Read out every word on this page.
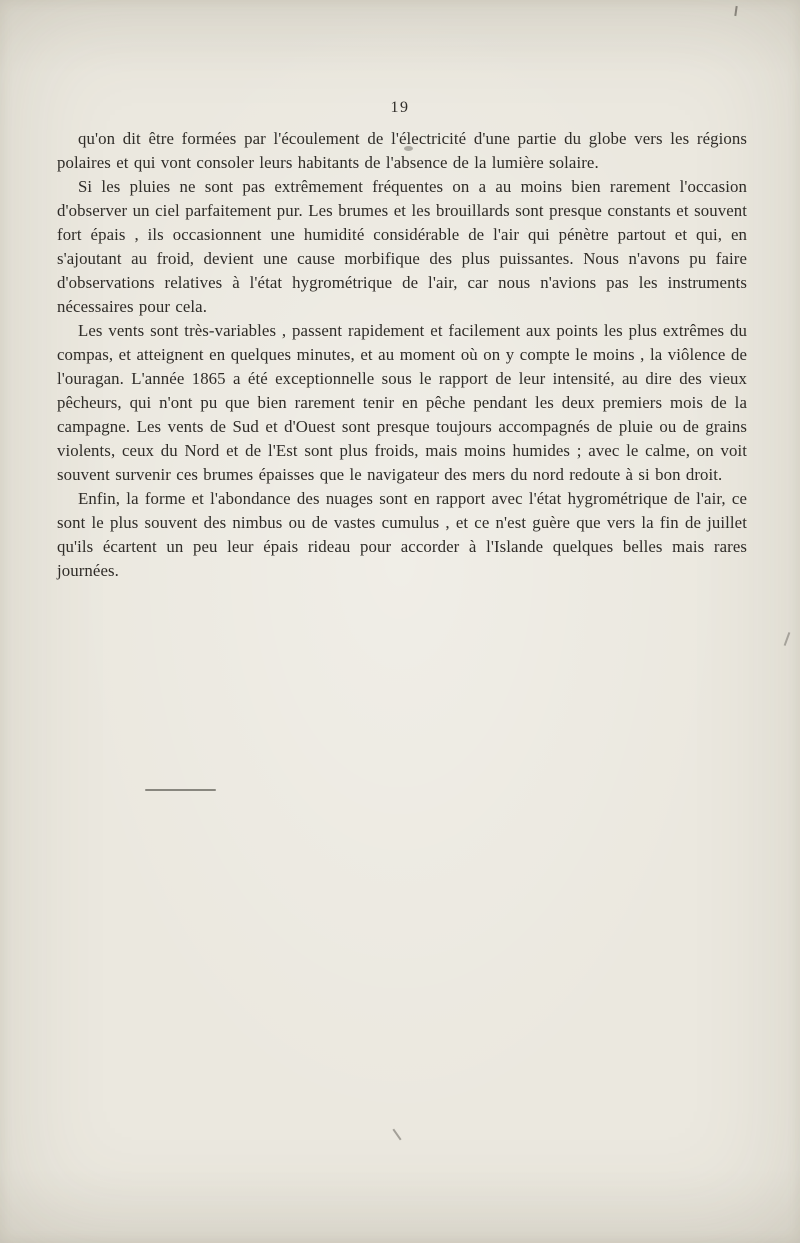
19

qu'on dit être formées par l'écoulement de l'électricité d'une partie du globe vers les régions polaires et qui vont consoler leurs habitants de l'absence de la lumière solaire.

Si les pluies ne sont pas extrêmement fréquentes on a au moins bien rarement l'occasion d'observer un ciel parfaitement pur. Les brumes et les brouillards sont presque constants et souvent fort épais , ils occasionnent une humidité considérable de l'air qui pénètre partout et qui, en s'ajoutant au froid, devient une cause morbifique des plus puissantes. Nous n'avons pu faire d'observations relatives à l'état hygrométrique de l'air, car nous n'avions pas les instruments nécessaires pour cela.

Les vents sont très-variables , passent rapidement et facilement aux points les plus extrêmes du compas, et atteignent en quelques minutes, et au moment où on y compte le moins , la viôlence de l'ouragan. L'année 1865 a été exceptionnelle sous le rapport de leur intensité, au dire des vieux pêcheurs, qui n'ont pu que bien rarement tenir en pêche pendant les deux premiers mois de la campagne. Les vents de Sud et d'Ouest sont presque toujours accompagnés de pluie ou de grains violents, ceux du Nord et de l'Est sont plus froids, mais moins humides ; avec le calme, on voit souvent survenir ces brumes épaisses que le navigateur des mers du nord redoute à si bon droit.

Enfin, la forme et l'abondance des nuages sont en rapport avec l'état hygrométrique de l'air, ce sont le plus souvent des nimbus ou de vastes cumulus , et ce n'est guère que vers la fin de juillet qu'ils écartent un peu leur épais rideau pour accorder à l'Islande quelques belles mais rares journées.
